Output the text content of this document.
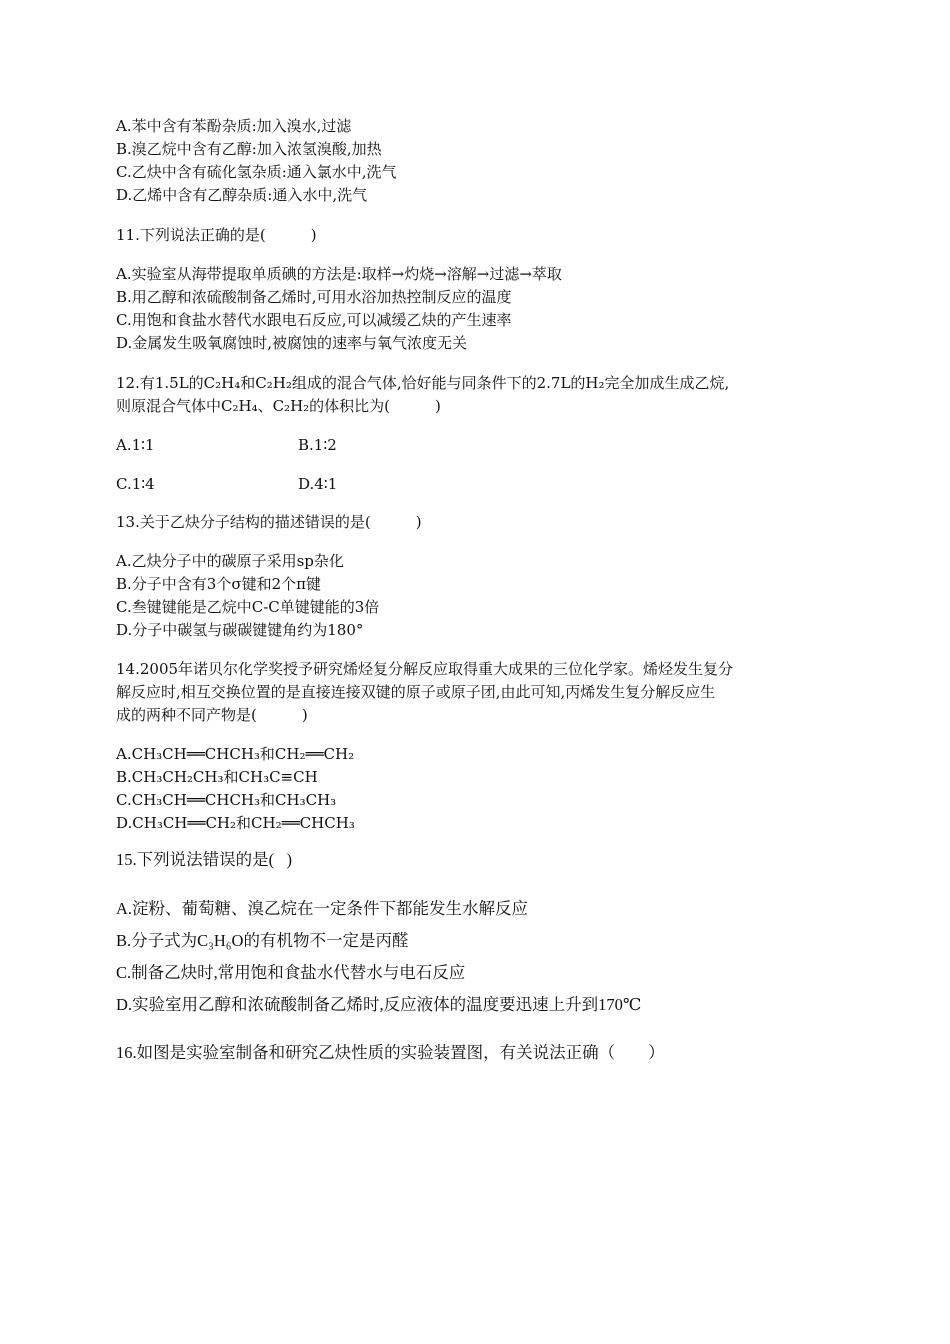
A.苯中含有苯酚杂质:加入溴水,过滤
B.溴乙烷中含有乙醇:加入浓氢溴酸,加热
C.乙炔中含有硫化氢杂质:通入氯水中,洗气
D.乙烯中含有乙醇杂质:通入水中,洗气
11.下列说法正确的是(　　　)
A.实验室从海带提取单质碘的方法是:取样→灼烧→溶解→过滤→萃取
B.用乙醇和浓硫酸制备乙烯时,可用水浴加热控制反应的温度
C.用饱和食盐水替代水跟电石反应,可以减缓乙炔的产生速率
D.金属发生吸氧腐蚀时,被腐蚀的速率与氧气浓度无关
12.有1.5L的C₂H₄和C₂H₂组成的混合气体,恰好能与同条件下的2.7L的H₂完全加成生成乙烷,
则原混合气体中C₂H₄、C₂H₂的体积比为(　　　)
A.1∶1	B.1∶2
C.1∶4	D.4∶1
13.关于乙炔分子结构的描述错误的是(　　　)
A.乙炔分子中的碳原子采用sp杂化
B.分子中含有3个σ键和2个π键
C.叁键键能是乙烷中C-C单键键能的3倍
D.分子中碳氢与碳碳键键角约为180°
14.2005年诺贝尔化学奖授予研究烯烃复分解反应取得重大成果的三位化学家。烯烃发生复分
解反应时,相互交换位置的是直接连接双键的原子或原子团,由此可知,丙烯发生复分解反应生
成的两种不同产物是(　　　)
A.CH₃CH══CHCH₃和CH₂══CH₂
B.CH₃CH₂CH₃和CH₃C≡CH
C.CH₃CH══CHCH₃和CH₃CH₃
D.CH₃CH══CH₂和CH₂══CHCH₃
15.下列说法错误的是(   )
A.淀粉、葡萄糖、溴乙烷在一定条件下都能发生水解反应
B.分子式为C₃H₆O的有机物不一定是丙醛
C.制备乙炔时,常用饱和食盐水代替水与电石反应
D.实验室用乙醇和浓硫酸制备乙烯时,反应液体的温度要迅速上升到170℃
16.如图是实验室制备和研究乙炔性质的实验装置图，有关说法正确（　　）
